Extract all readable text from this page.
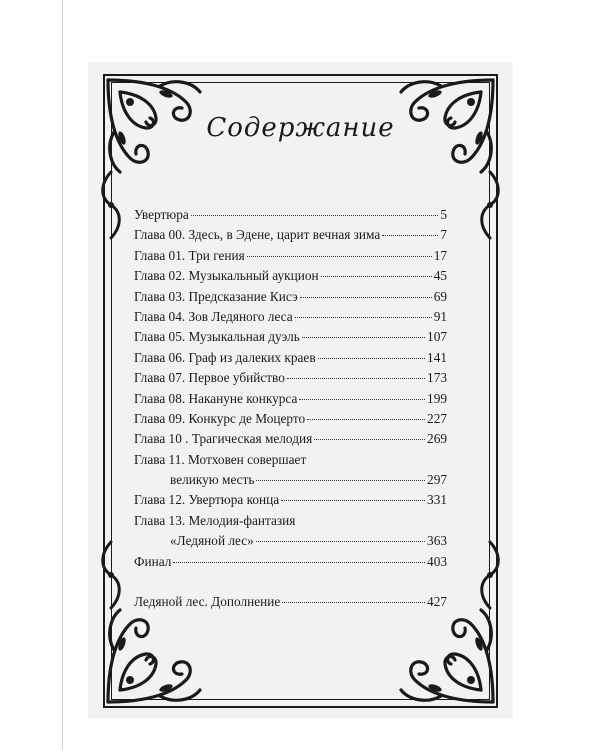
Содержание
Увертюра	5
Глава 00. Здесь, в Эдене, царит вечная зима	7
Глава 01. Три гения	17
Глава 02. Музыкальный аукцион	45
Глава 03. Предсказание Кисэ	69
Глава 04. Зов Ледяного леса	91
Глава 05. Музыкальная дуэль	107
Глава 06. Граф из далеких краев	141
Глава 07. Первое убийство	173
Глава 08. Накануне конкурса	199
Глава 09. Конкурс де Моцерто	227
Глава 10 . Трагическая мелодия	269
Глава 11. Мотховен совершает
великую месть	297
Глава 12. Увертюра конца	331
Глава 13. Мелодия-фантазия
«Ледяной лес»	363
Финал	403
Ледяной лес. Дополнение	427
